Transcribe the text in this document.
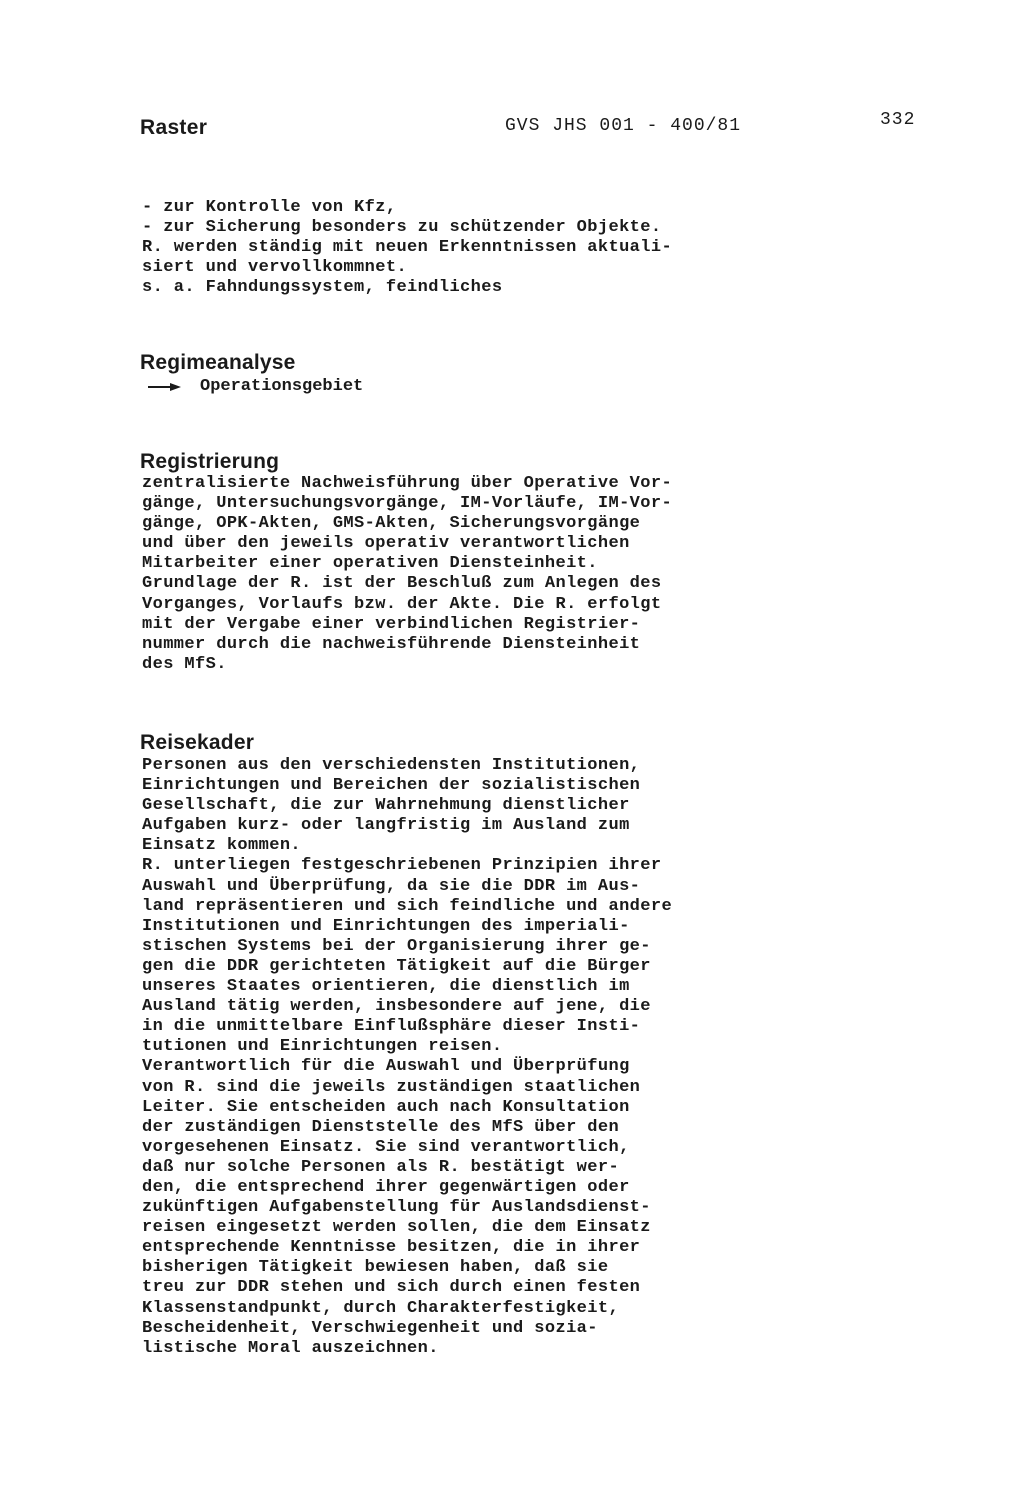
Raster	GVS JHS 001 - 400/81	332
- zur Kontrolle von Kfz,
- zur Sicherung besonders zu schützender Objekte.
R. werden ständig mit neuen Erkenntnissen aktuali-
siert und vervollkommnet.
s. a. Fahndungssystem, feindliches
Regimeanalyse
Operationsgebiet
Registrierung
zentralisierte Nachweisführung über Operative Vor-
gänge, Untersuchungsvorgänge, IM-Vorläufe, IM-Vor-
gänge, OPK-Akten, GMS-Akten, Sicherungsvorgänge
und über den jeweils operativ verantwortlichen
Mitarbeiter einer operativen Diensteinheit.
Grundlage der R. ist der Beschluß zum Anlegen des
Vorganges, Vorlaufs bzw. der Akte. Die R. erfolgt
mit der Vergabe einer verbindlichen Registrier-
nummer durch die nachweisführende Diensteinheit
des MfS.
Reisekader
Personen aus den verschiedensten Institutionen,
Einrichtungen und Bereichen der sozialistischen
Gesellschaft, die zur Wahrnehmung dienstlicher
Aufgaben kurz- oder langfristig im Ausland zum
Einsatz kommen.
R. unterliegen festgeschriebenen Prinzipien ihrer
Auswahl und Überprüfung, da sie die DDR im Aus-
land repräsentieren und sich feindliche und andere
Institutionen und Einrichtungen des imperiali-
stischen Systems bei der Organisierung ihrer ge-
gen die DDR gerichteten Tätigkeit auf die Bürger
unseres Staates orientieren, die dienstlich im
Ausland tätig werden, insbesondere auf jene, die
in die unmittelbare Einflußsphäre dieser Insti-
tutionen und Einrichtungen reisen.
Verantwortlich für die Auswahl und Überprüfung
von R. sind die jeweils zuständigen staatlichen
Leiter. Sie entscheiden auch nach Konsultation
der zuständigen Dienststelle des MfS über den
vorgesehenen Einsatz. Sie sind verantwortlich,
daß nur solche Personen als R. bestätigt wer-
den, die entsprechend ihrer gegenwärtigen oder
zukünftigen Aufgabenstellung für Auslandsdienst-
reisen eingesetzt werden sollen, die dem Einsatz
entsprechende Kenntnisse besitzen, die in ihrer
bisherigen Tätigkeit bewiesen haben, daß sie
treu zur DDR stehen und sich durch einen festen
Klassenstandpunkt, durch Charakterfestigkeit,
Bescheidenheit, Verschwiegenheit und sozia-
listische Moral auszeichnen.
